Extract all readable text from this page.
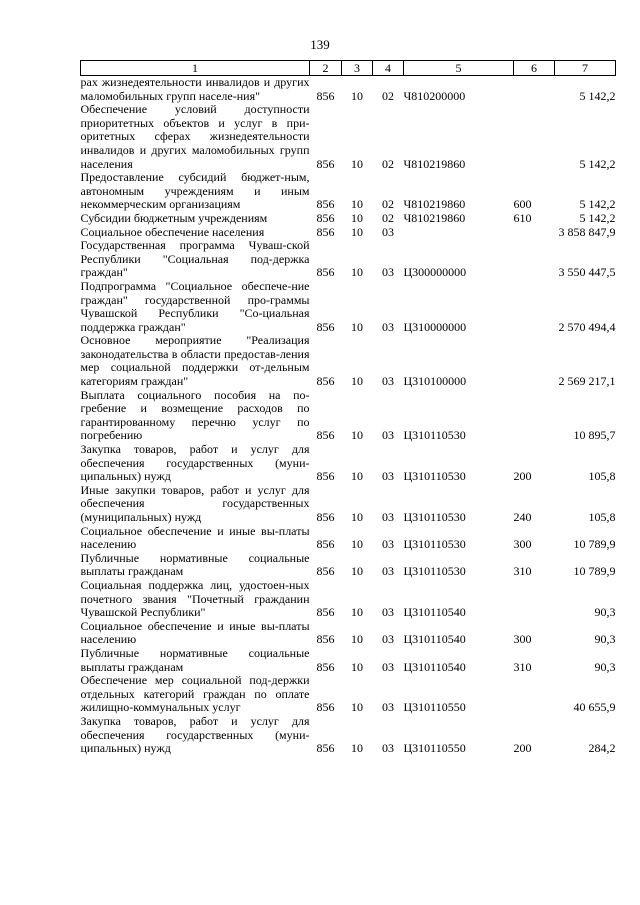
139
1	2	3	4	5	6	7
рах жизнедеятельности инвалидов и других маломобильных групп населе-ния"	856	10	02	Ч810200000		5 142,2
Обеспечение условий доступности приоритетных объектов и услуг в при-оритетных сферах жизнедеятельности инвалидов и других маломобильных групп населения	856	10	02	Ч810219860		5 142,2
Предоставление субсидий бюджет-ным, автономным учреждениям и иным некоммерческим организациям	856	10	02	Ч810219860	600	5 142,2
Субсидии бюджетным учреждениям	856	10	02	Ч810219860	610	5 142,2
Социальное обеспечение населения	856	10	03			3 858 847,9
Государственная программа Чуваш-ской Республики "Социальная под-держка граждан"	856	10	03	Ц300000000		3 550 447,5
Подпрограмма "Социальное обеспече-ние граждан" государственной про-граммы Чувашской Республики "Со-циальная поддержка граждан"	856	10	03	Ц310000000		2 570 494,4
Основное мероприятие "Реализация законодательства в области предостав-ления мер социальной поддержки от-дельным категориям граждан"	856	10	03	Ц310100000		2 569 217,1
Выплата социального пособия на по-гребение и возмещение расходов по гарантированному перечню услуг по погребению	856	10	03	Ц310110530		10 895,7
Закупка товаров, работ и услуг для обеспечения государственных (муни-ципальных) нужд	856	10	03	Ц310110530	200	105,8
Иные закупки товаров, работ и услуг для обеспечения государственных (муниципальных) нужд	856	10	03	Ц310110530	240	105,8
Социальное обеспечение и иные вы-платы населению	856	10	03	Ц310110530	300	10 789,9
Публичные нормативные социальные выплаты гражданам	856	10	03	Ц310110530	310	10 789,9
Социальная поддержка лиц, удостоен-ных почетного звания "Почетный гражданин Чувашской Республики"	856	10	03	Ц310110540		90,3
Социальное обеспечение и иные вы-платы населению	856	10	03	Ц310110540	300	90,3
Публичные нормативные социальные выплаты гражданам	856	10	03	Ц310110540	310	90,3
Обеспечение мер социальной под-держки отдельных категорий граждан по оплате жилищно-коммунальных услуг	856	10	03	Ц310110550		40 655,9
Закупка товаров, работ и услуг для обеспечения государственных (муни-ципальных) нужд	856	10	03	Ц310110550	200	284,2
